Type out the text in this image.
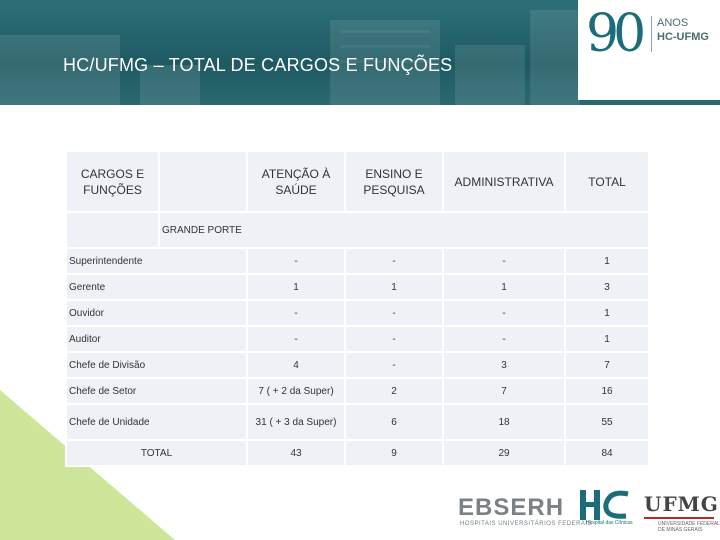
HC/UFMG – TOTAL DE CARGOS E FUNÇÕES
90 ANOS
HC-UFMG
CARGOS E FUNÇÕES		ATENÇÃO À SAÚDE	ENSINO E PESQUISA	ADMINISTRATIVA	TOTAL
	GRANDE PORTE				
Superintendente		-	-	-	1
Gerente		1	1	1	3
Ouvidor		-	-	-	1
Auditor		-	-	-	1
Chefe de Divisão		4	-	3	7
Chefe de Setor		7 ( + 2 da Super)	2	7	16
Chefe de Unidade		31 ( + 3 da Super)	6	18	55
TOTAL		43	9	29	84
EBSERH
HOSPITAIS UNIVERSITÁRIOS FEDERAIS
Hospital das Clínicas
UFMG
UNIVERSIDADE FEDERAL DE MINAS GERAIS
